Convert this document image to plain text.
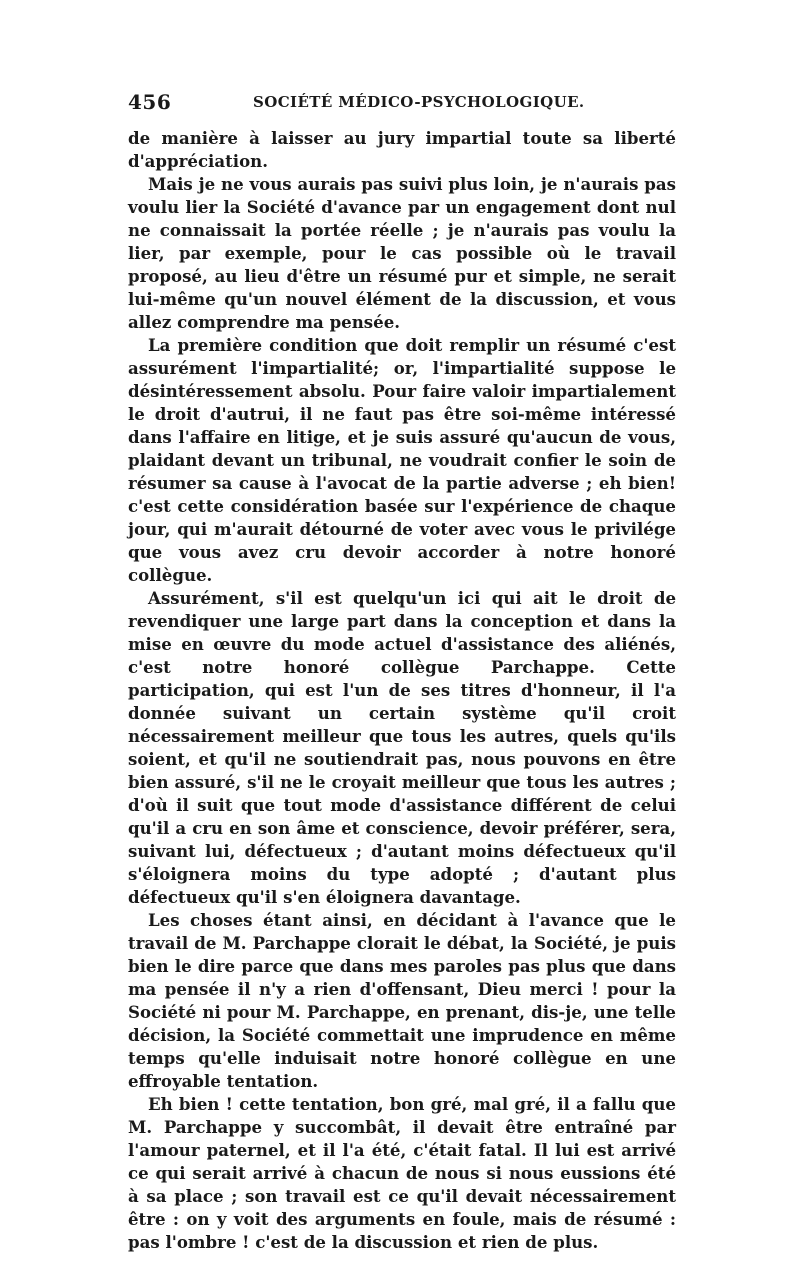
456	SOCIÉTÉ MÉDICO-PSYCHOLOGIQUE.

de manière à laisser au jury impartial toute sa liberté d'appréciation.

Mais je ne vous aurais pas suivi plus loin, je n'aurais pas voulu lier la Société d'avance par un engagement dont nul ne connaissait la portée réelle ; je n'aurais pas voulu la lier, par exemple, pour le cas possible où le travail proposé, au lieu d'être un résumé pur et simple, ne serait lui-même qu'un nouvel élément de la discussion, et vous allez comprendre ma pensée.

La première condition que doit remplir un résumé c'est assurément l'impartialité; or, l'impartialité suppose le désintéressement absolu. Pour faire valoir impartialement le droit d'autrui, il ne faut pas être soi-même intéressé dans l'affaire en litige, et je suis assuré qu'aucun de vous, plaidant devant un tribunal, ne voudrait confier le soin de résumer sa cause à l'avocat de la partie adverse ; eh bien! c'est cette considération basée sur l'expérience de chaque jour, qui m'aurait détourné de voter avec vous le privilége que vous avez cru devoir accorder à notre honoré collègue.

Assurément, s'il est quelqu'un ici qui ait le droit de revendiquer une large part dans la conception et dans la mise en œuvre du mode actuel d'assistance des aliénés, c'est notre honoré collègue Parchappe. Cette participation, qui est l'un de ses titres d'honneur, il l'a donnée suivant un certain système qu'il croit nécessairement meilleur que tous les autres, quels qu'ils soient, et qu'il ne soutiendrait pas, nous pouvons en être bien assuré, s'il ne le croyait meilleur que tous les autres ; d'où il suit que tout mode d'assistance différent de celui qu'il a cru en son âme et conscience, devoir préférer, sera, suivant lui, défectueux ; d'autant moins défectueux qu'il s'éloignera moins du type adopté ; d'autant plus défectueux qu'il s'en éloignera davantage.

Les choses étant ainsi, en décidant à l'avance que le travail de M. Parchappe clorait le débat, la Société, je puis bien le dire parce que dans mes paroles pas plus que dans ma pensée il n'y a rien d'offensant, Dieu merci ! pour la Société ni pour M. Parchappe, en prenant, dis-je, une telle décision, la Société commettait une imprudence en même temps qu'elle induisait notre honoré collègue en une effroyable tentation.

Eh bien ! cette tentation, bon gré, mal gré, il a fallu que M. Parchappe y succombât, il devait être entraîné par l'amour paternel, et il l'a été, c'était fatal. Il lui est arrivé ce qui serait arrivé à chacun de nous si nous eussions été à sa place ; son travail est ce qu'il devait nécessairement être : on y voit des arguments en foule, mais de résumé : pas l'ombre ! c'est de la discussion et rien de plus.
